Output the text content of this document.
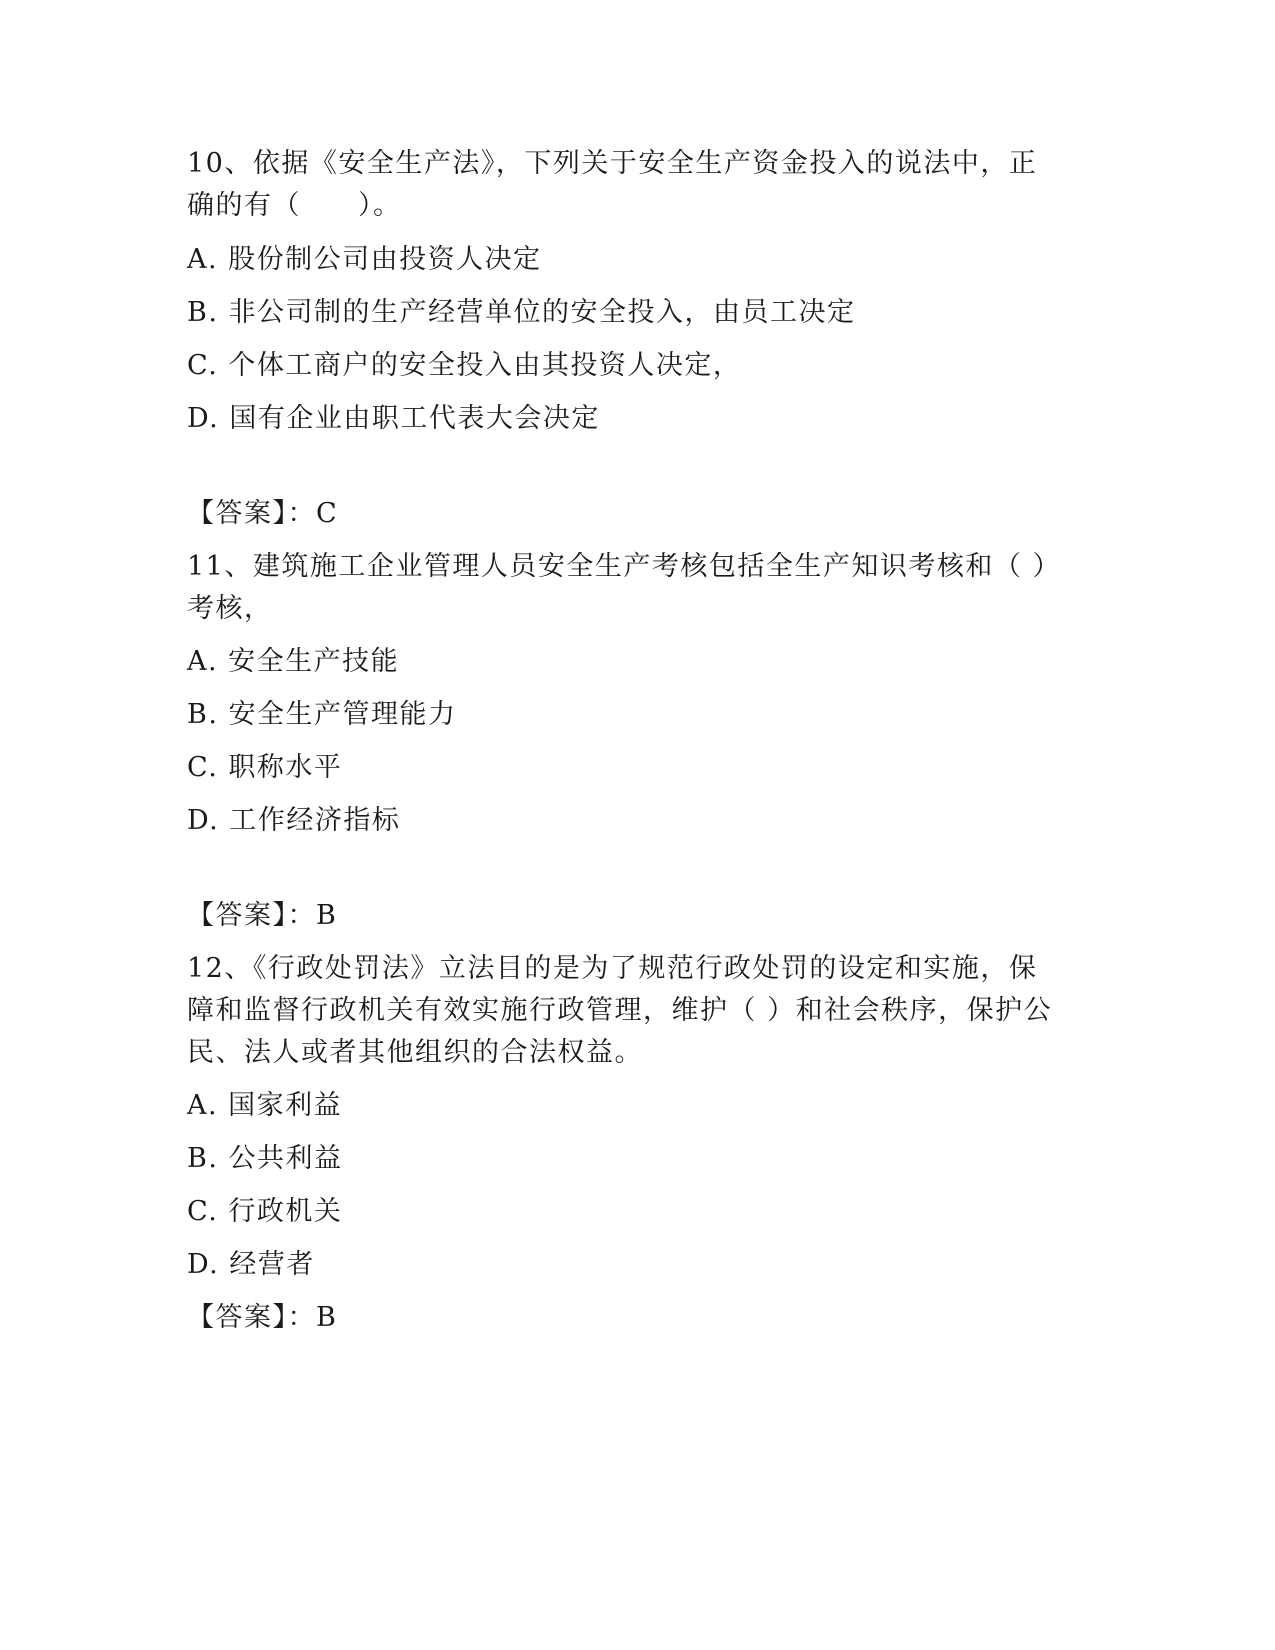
10、依据《安全生产法》，下列关于安全生产资金投入的说法中，正
确的有（　　）。
A. 股份制公司由投资人决定
B. 非公司制的生产经营单位的安全投入，由员工决定
C. 个体工商户的安全投入由其投资人决定，
D. 国有企业由职工代表大会决定
【答案】：C
11、建筑施工企业管理人员安全生产考核包括全生产知识考核和（ ）
考核，
A. 安全生产技能
B. 安全生产管理能力
C. 职称水平
D. 工作经济指标
【答案】：B
12、《行政处罚法》立法目的是为了规范行政处罚的设定和实施，保
障和监督行政机关有效实施行政管理，维护（ ）和社会秩序，保护公
民、法人或者其他组织的合法权益。
A. 国家利益
B. 公共利益
C. 行政机关
D. 经营者
【答案】：B
